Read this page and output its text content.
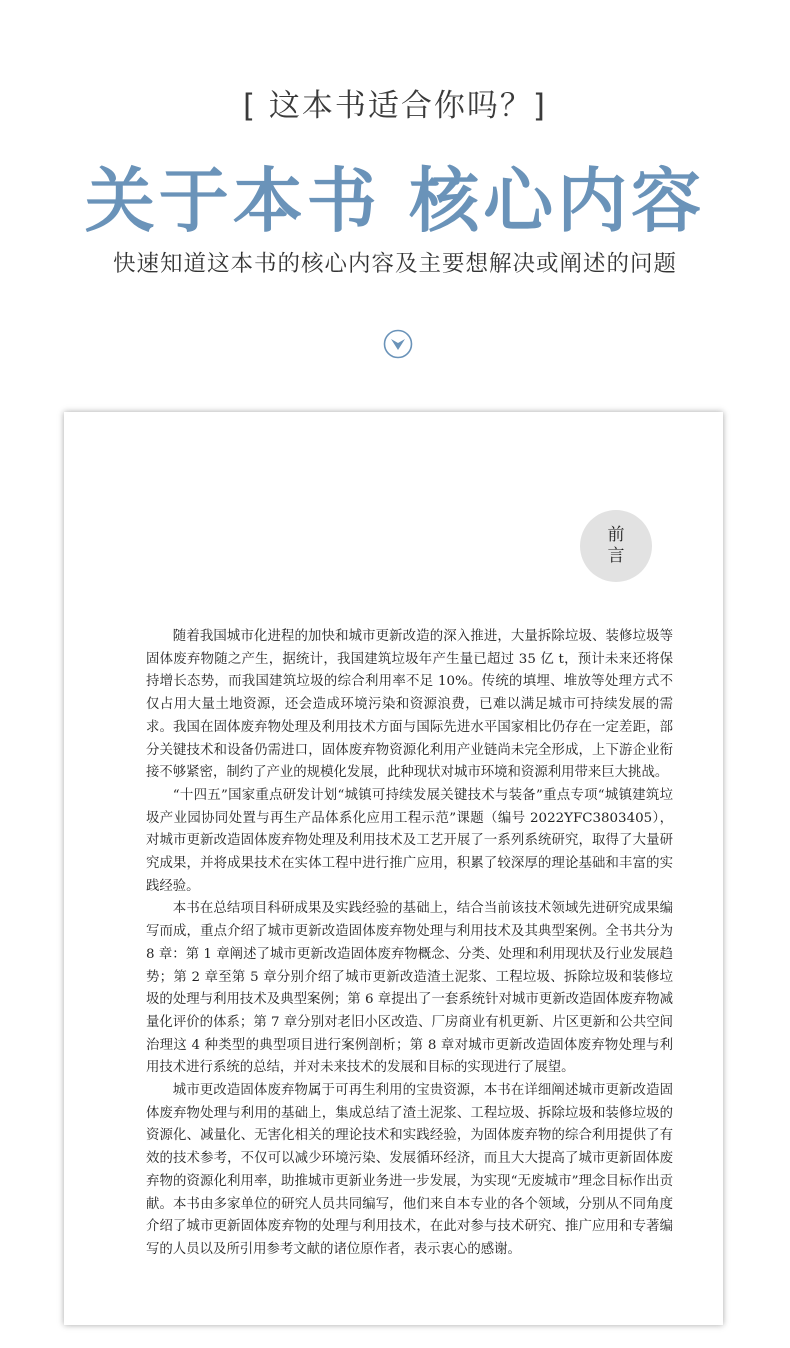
[ 这本书适合你吗？]
关于本书 核心内容
快速知道这本书的核心内容及主要想解决或阐述的问题
前
言

随着我国城市化进程的加快和城市更新改造的深入推进，大量拆除垃圾、装修垃圾等固体废弃物随之产生，据统计，我国建筑垃圾年产生量已超过 35 亿 t，预计未来还将保持增长态势，而我国建筑垃圾的综合利用率不足 10%。传统的填埋、堆放等处理方式不仅占用大量土地资源，还会造成环境污染和资源浪费，已难以满足城市可持续发展的需求。我国在固体废弃物处理及利用技术方面与国际先进水平国家相比仍存在一定差距，部分关键技术和设备仍需进口，固体废弃物资源化利用产业链尚未完全形成，上下游企业衔接不够紧密，制约了产业的规模化发展，此种现状对城市环境和资源利用带来巨大挑战。

“十四五”国家重点研发计划“城镇可持续发展关键技术与装备”重点专项“城镇建筑垃圾产业园协同处置与再生产品体系化应用工程示范”课题（编号 2022YFC3803405），对城市更新改造固体废弃物处理及利用技术及工艺开展了一系列系统研究，取得了大量研究成果，并将成果技术在实体工程中进行推广应用，积累了较深厚的理论基础和丰富的实践经验。

本书在总结项目科研成果及实践经验的基础上，结合当前该技术领域先进研究成果编写而成，重点介绍了城市更新改造固体废弃物处理与利用技术及其典型案例。全书共分为 8 章：第 1 章阐述了城市更新改造固体废弃物概念、分类、处理和利用现状及行业发展趋势；第 2 章至第 5 章分别介绍了城市更新改造渣土泥浆、工程垃圾、拆除垃圾和装修垃圾的处理与利用技术及典型案例；第 6 章提出了一套系统针对城市更新改造固体废弃物减量化评价的体系；第 7 章分别对老旧小区改造、厂房商业有机更新、片区更新和公共空间治理这 4 种类型的典型项目进行案例剖析；第 8 章对城市更新改造固体废弃物处理与利用技术进行系统的总结，并对未来技术的发展和目标的实现进行了展望。

城市更改造固体废弃物属于可再生利用的宝贵资源，本书在详细阐述城市更新改造固体废弃物处理与利用的基础上，集成总结了渣土泥浆、工程垃圾、拆除垃圾和装修垃圾的资源化、减量化、无害化相关的理论技术和实践经验，为固体废弃物的综合利用提供了有效的技术参考，不仅可以减少环境污染、发展循环经济，而且大大提高了城市更新固体废弃物的资源化利用率，助推城市更新业务进一步发展，为实现“无废城市”理念目标作出贡献。本书由多家单位的研究人员共同编写，他们来自本专业的各个领域，分别从不同角度介绍了城市更新固体废弃物的处理与利用技术，在此对参与技术研究、推广应用和专著编写的人员以及所引用参考文献的诸位原作者，表示衷心的感谢。
